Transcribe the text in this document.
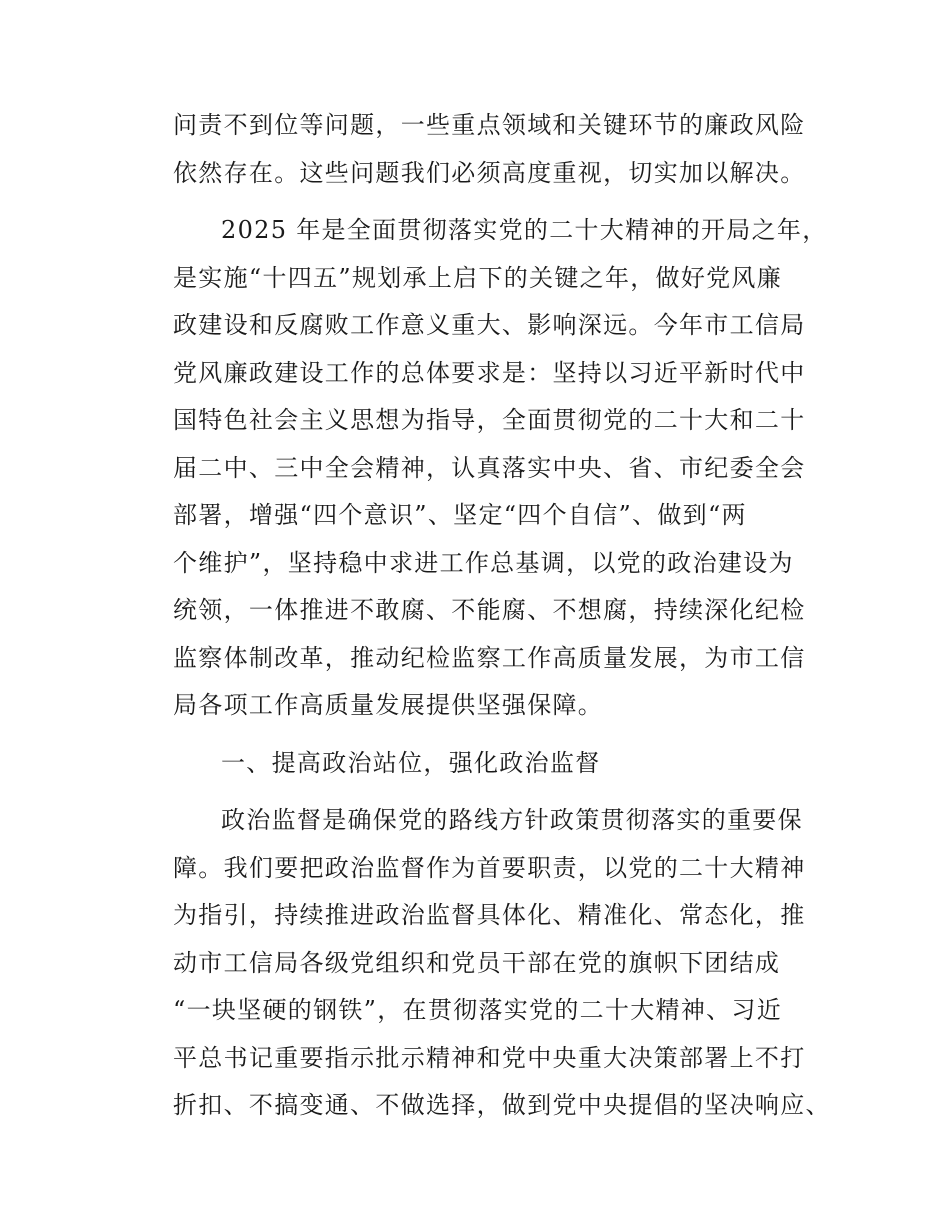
问责不到位等问题，一些重点领域和关键环节的廉政风险
依然存在。这些问题我们必须高度重视，切实加以解决。
2025 年是全面贯彻落实党的二十大精神的开局之年，
是实施“十四五”规划承上启下的关键之年，做好党风廉
政建设和反腐败工作意义重大、影响深远。今年市工信局
党风廉政建设工作的总体要求是：坚持以习近平新时代中
国特色社会主义思想为指导，全面贯彻党的二十大和二十
届二中、三中全会精神，认真落实中央、省、市纪委全会
部署，增强“四个意识”、坚定“四个自信”、做到“两
个维护”，坚持稳中求进工作总基调，以党的政治建设为
统领，一体推进不敢腐、不能腐、不想腐，持续深化纪检
监察体制改革，推动纪检监察工作高质量发展，为市工信
局各项工作高质量发展提供坚强保障。
一、提高政治站位，强化政治监督
政治监督是确保党的路线方针政策贯彻落实的重要保
障。我们要把政治监督作为首要职责，以党的二十大精神
为指引，持续推进政治监督具体化、精准化、常态化，推
动市工信局各级党组织和党员干部在党的旗帜下团结成
“一块坚硬的钢铁”，在贯彻落实党的二十大精神、习近
平总书记重要指示批示精神和党中央重大决策部署上不打
折扣、不搞变通、不做选择，做到党中央提倡的坚决响应、
